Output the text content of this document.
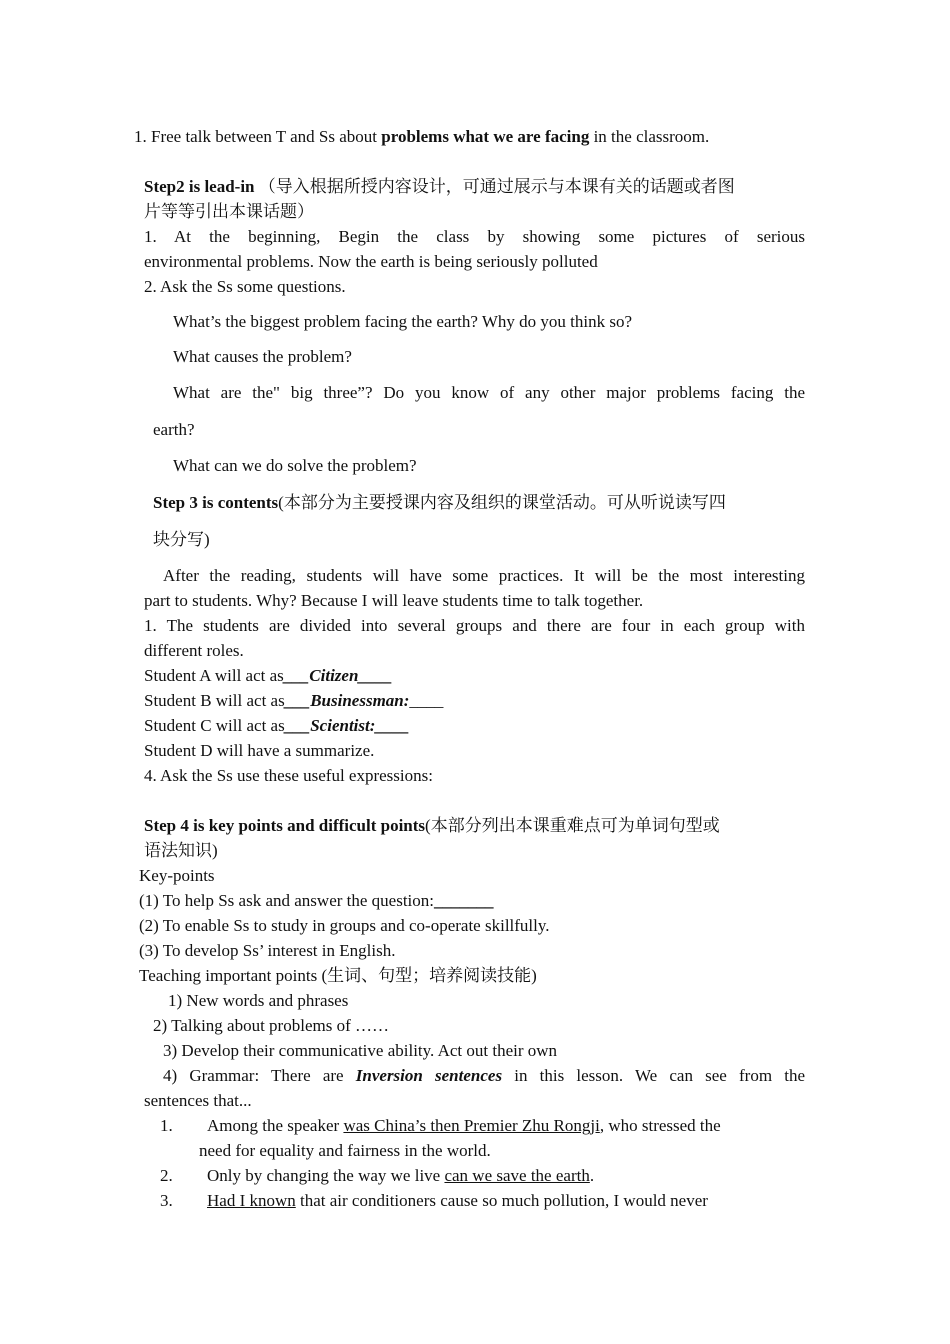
1. Free talk between T and Ss about problems what we are facing in the classroom.
Step2 is lead-in （导入根据所授内容设计，可通过展示与本课有关的话题或者图
片等等引出本课话题）
1. At the beginning, Begin the class by showing some pictures of serious
environmental problems. Now the earth is being seriously polluted
2. Ask the Ss some questions.
What’s the biggest problem facing the earth? Why do you think so?
What causes the problem?
What are the" big three”? Do you know of any other major problems facing the
earth?
What can we do solve the problem?
Step 3 is contents(本部分为主要授课内容及组织的课堂活动。可从听说读写四
块分写)
After the reading, students will have some practices. It will be the most interesting
part to students. Why? Because I will leave students time to talk together.
1. The students are divided into several groups and there are four in each group with
different roles.
Student A will act as___Citizen____
Student B will act as___Businessman:____
Student C will act as___Scientist:____
Student D will have a summarize.
4. Ask the Ss use these useful expressions:
Step 4 is key points and difficult points(本部分列出本课重难点可为单词句型或
语法知识)
Key-points
(1) To help Ss ask and answer the question:_______
(2) To enable Ss to study in groups and co-operate skillfully.
(3) To develop Ss’ interest in English.
Teaching important points (生词、句型；培养阅读技能)
1) New words and phrases
2) Talking about problems of ……
3) Develop their communicative ability. Act out their own
4) Grammar: There are Inversion sentences in this lesson. We can see from the
sentences that...
1. Among the speaker was China’s then Premier Zhu Rongji, who stressed the
need for equality and fairness in the world.
2. Only by changing the way we live can we save the earth.
3. Had I known that air conditioners cause so much pollution, I would never
